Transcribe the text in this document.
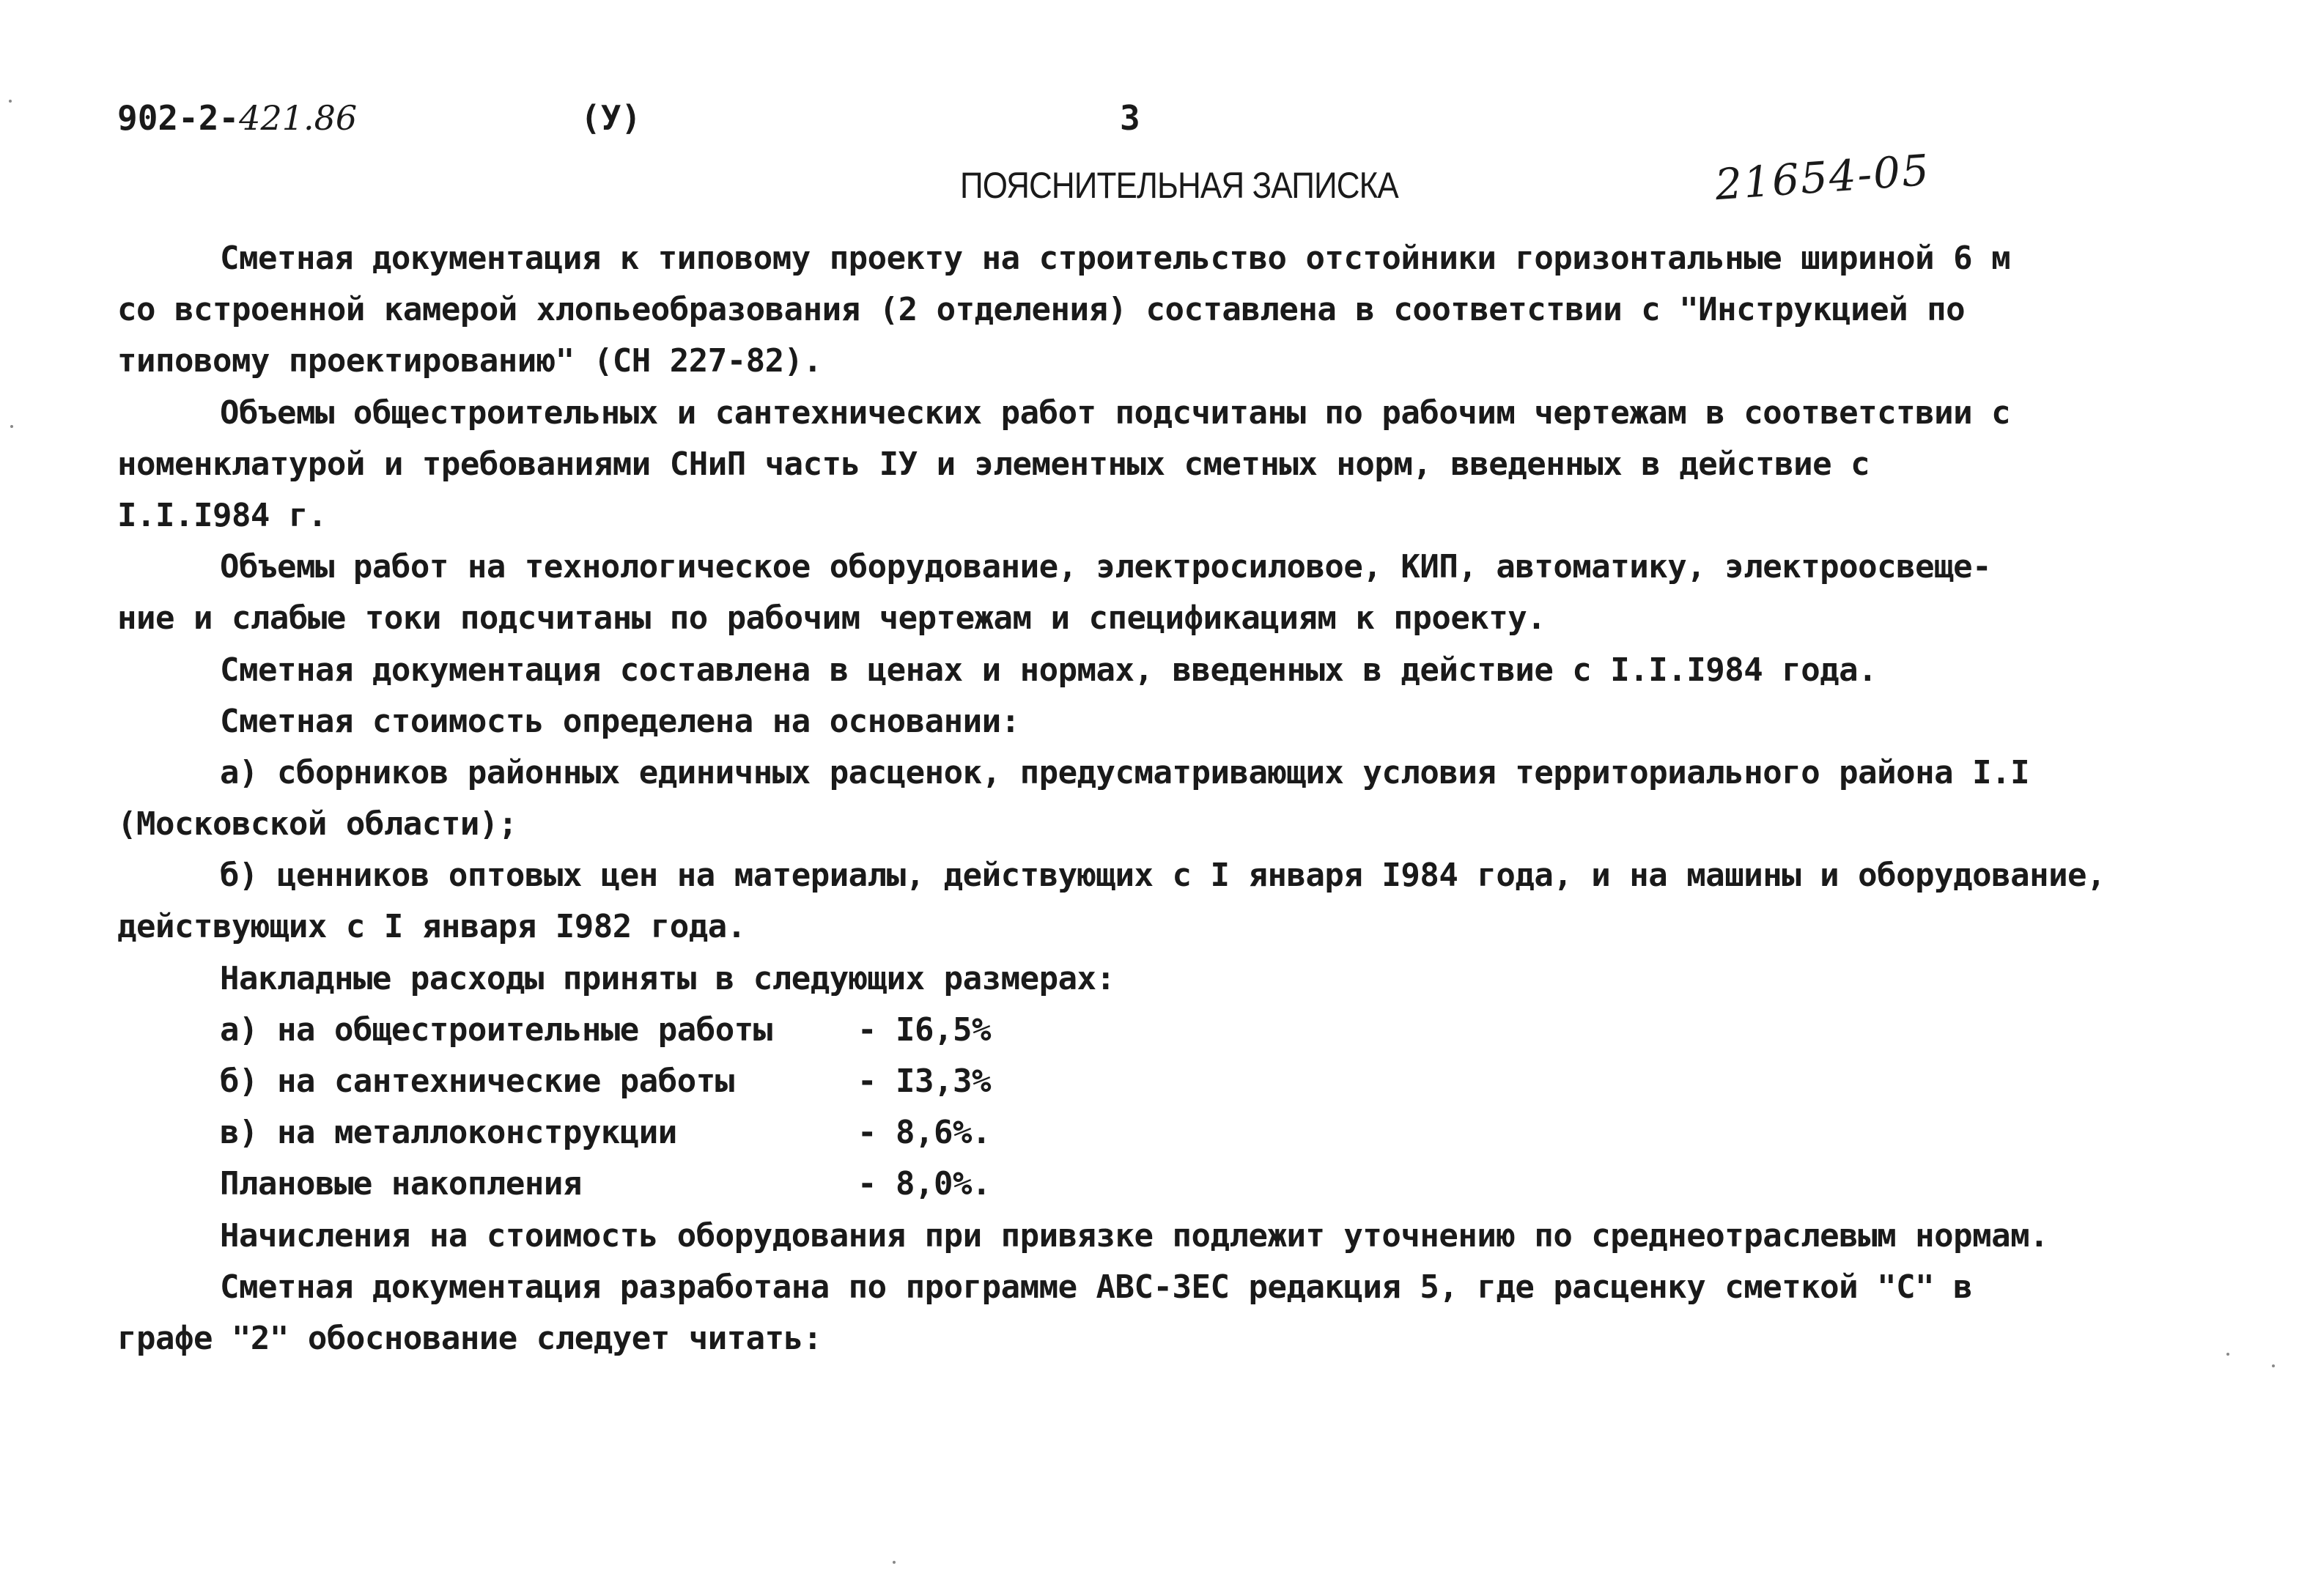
902-2-421.86	(У)	3
21654-05
ПОЯСНИТЕЛЬНАЯ ЗАПИСКА
Сметная документация к типовому проекту на строительство отстойники горизонтальные шириной 6 м
со встроенной камерой хлопьеобразования (2 отделения) составлена в соответствии с "Инструкцией по
типовому проектированию" (СН 227-82).
Объемы общестроительных и сантехнических работ подсчитаны по рабочим чертежам в соответствии с
номенклатурой и требованиями СНиП часть IУ и элементных сметных норм, введенных в действие с
I.I.I984 г.
Объемы работ на технологическое оборудование, электросиловое, КИП, автоматику, электроосвеще-
ние и слабые токи подсчитаны по рабочим чертежам и спецификациям к проекту.
Сметная документация составлена в ценах и нормах, введенных в действие с I.I.I984 года.
Сметная стоимость определена на основании:
а) сборников районных единичных расценок, предусматривающих условия территориального района I.I
(Московской области);
б) ценников оптовых цен на материалы, действующих с I января I984 года, и на машины и оборудование,
действующих с I января I982 года.
Накладные расходы приняты в следующих размерах:
а) на общестроительные работы	- I6,5%
б) на сантехнические работы	- I3,3%
в) на металлоконструкции	- 8,6%.
Плановые накопления	- 8,0%.
Начисления на стоимость оборудования при привязке подлежит уточнению по среднеотраслевым нормам.
Сметная документация разработана по программе АВС-3ЕС редакция 5, где расценку сметкой "С" в
графе "2" обоснование следует читать:
